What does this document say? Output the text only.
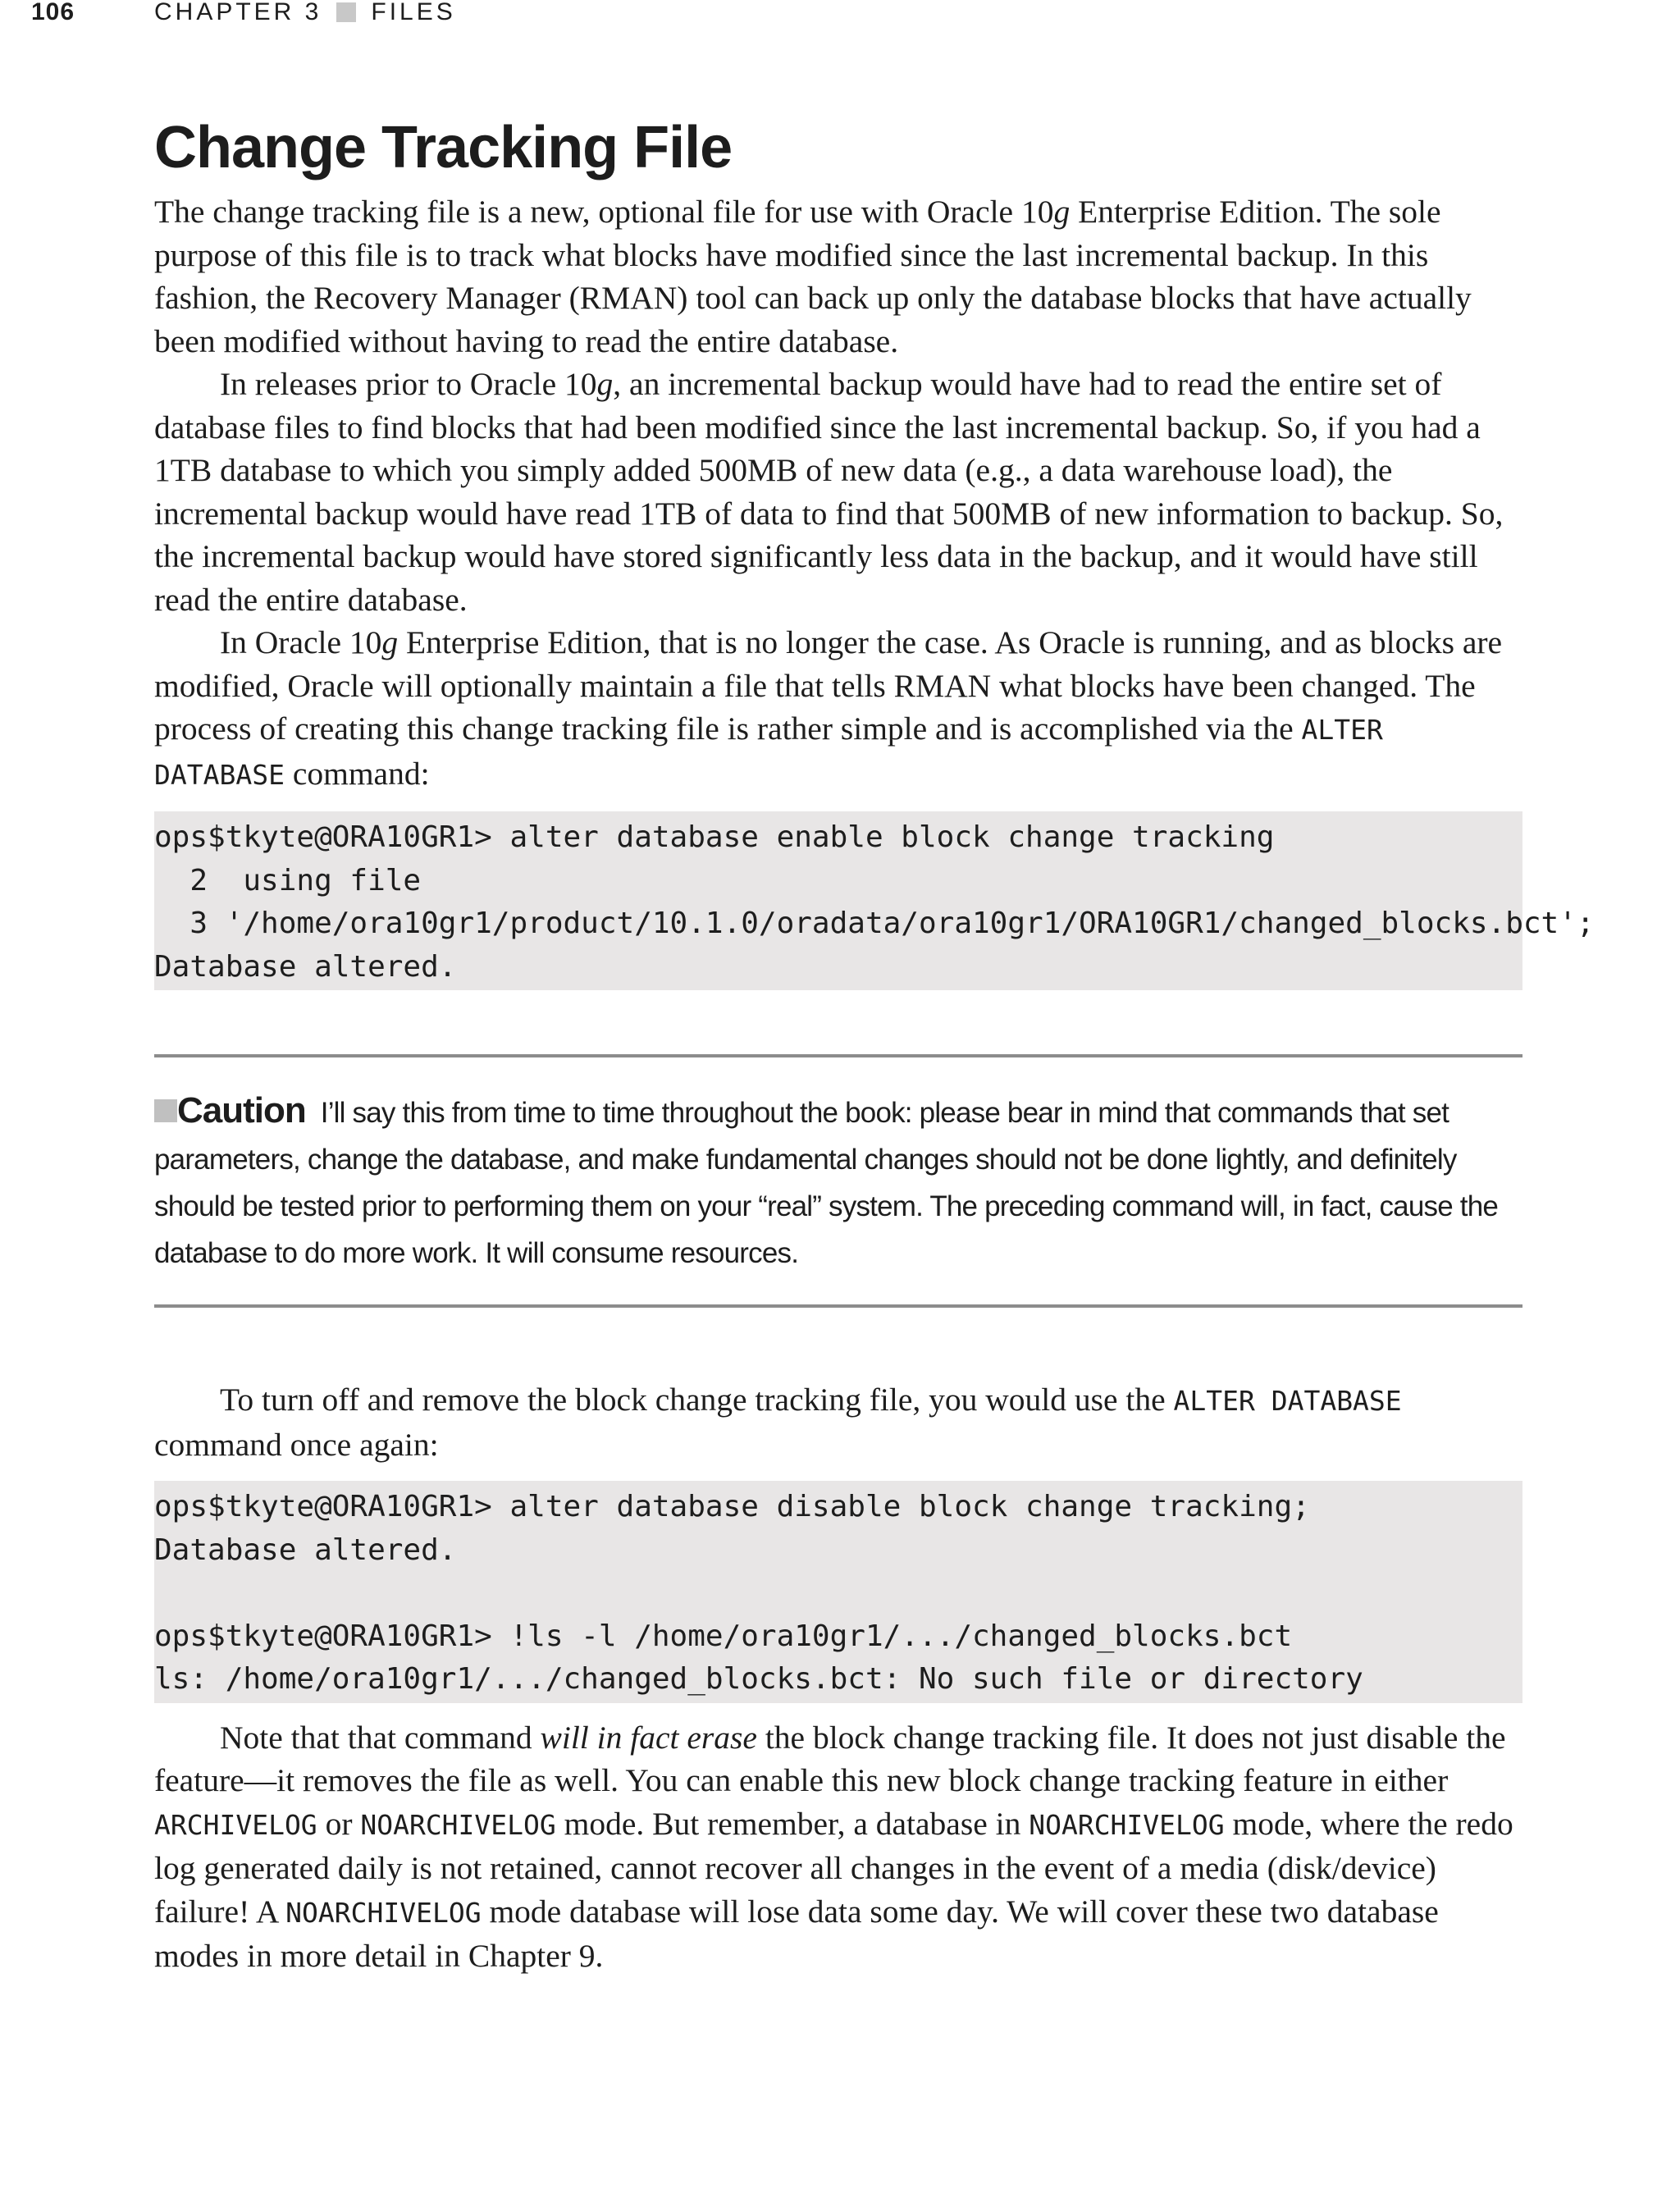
106	CHAPTER 3 FILES
Change Tracking File

The change tracking file is a new, optional file for use with Oracle 10g Enterprise Edition. The sole purpose of this file is to track what blocks have modified since the last incremental backup. In this fashion, the Recovery Manager (RMAN) tool can back up only the database blocks that have actually been modified without having to read the entire database.

In releases prior to Oracle 10g, an incremental backup would have had to read the entire set of database files to find blocks that had been modified since the last incremental backup. So, if you had a 1TB database to which you simply added 500MB of new data (e.g., a data warehouse load), the incremental backup would have read 1TB of data to find that 500MB of new information to backup. So, the incremental backup would have stored significantly less data in the backup, and it would have still read the entire database.

In Oracle 10g Enterprise Edition, that is no longer the case. As Oracle is running, and as blocks are modified, Oracle will optionally maintain a file that tells RMAN what blocks have been changed. The process of creating this change tracking file is rather simple and is accomplished via the ALTER DATABASE command:

ops$tkyte@ORA10GR1> alter database enable block change tracking
2  using file
3 '/home/ora10gr1/product/10.1.0/oradata/ora10gr1/ORA10GR1/changed_blocks.bct';
Database altered.

Caution I’ll say this from time to time throughout the book: please bear in mind that commands that set parameters, change the database, and make fundamental changes should not be done lightly, and definitely should be tested prior to performing them on your “real” system. The preceding command will, in fact, cause the database to do more work. It will consume resources.

To turn off and remove the block change tracking file, you would use the ALTER DATABASE command once again:

ops$tkyte@ORA10GR1> alter database disable block change tracking;
Database altered.
ops$tkyte@ORA10GR1> !ls -l /home/ora10gr1/.../changed_blocks.bct
ls: /home/ora10gr1/.../changed_blocks.bct: No such file or directory

Note that that command will in fact erase the block change tracking file. It does not just disable the feature—it removes the file as well. You can enable this new block change tracking feature in either ARCHIVELOG or NOARCHIVELOG mode. But remember, a database in NOARCHIVELOG mode, where the redo log generated daily is not retained, cannot recover all changes in the event of a media (disk/device) failure! A NOARCHIVELOG mode database will lose data some day. We will cover these two database modes in more detail in Chapter 9.
